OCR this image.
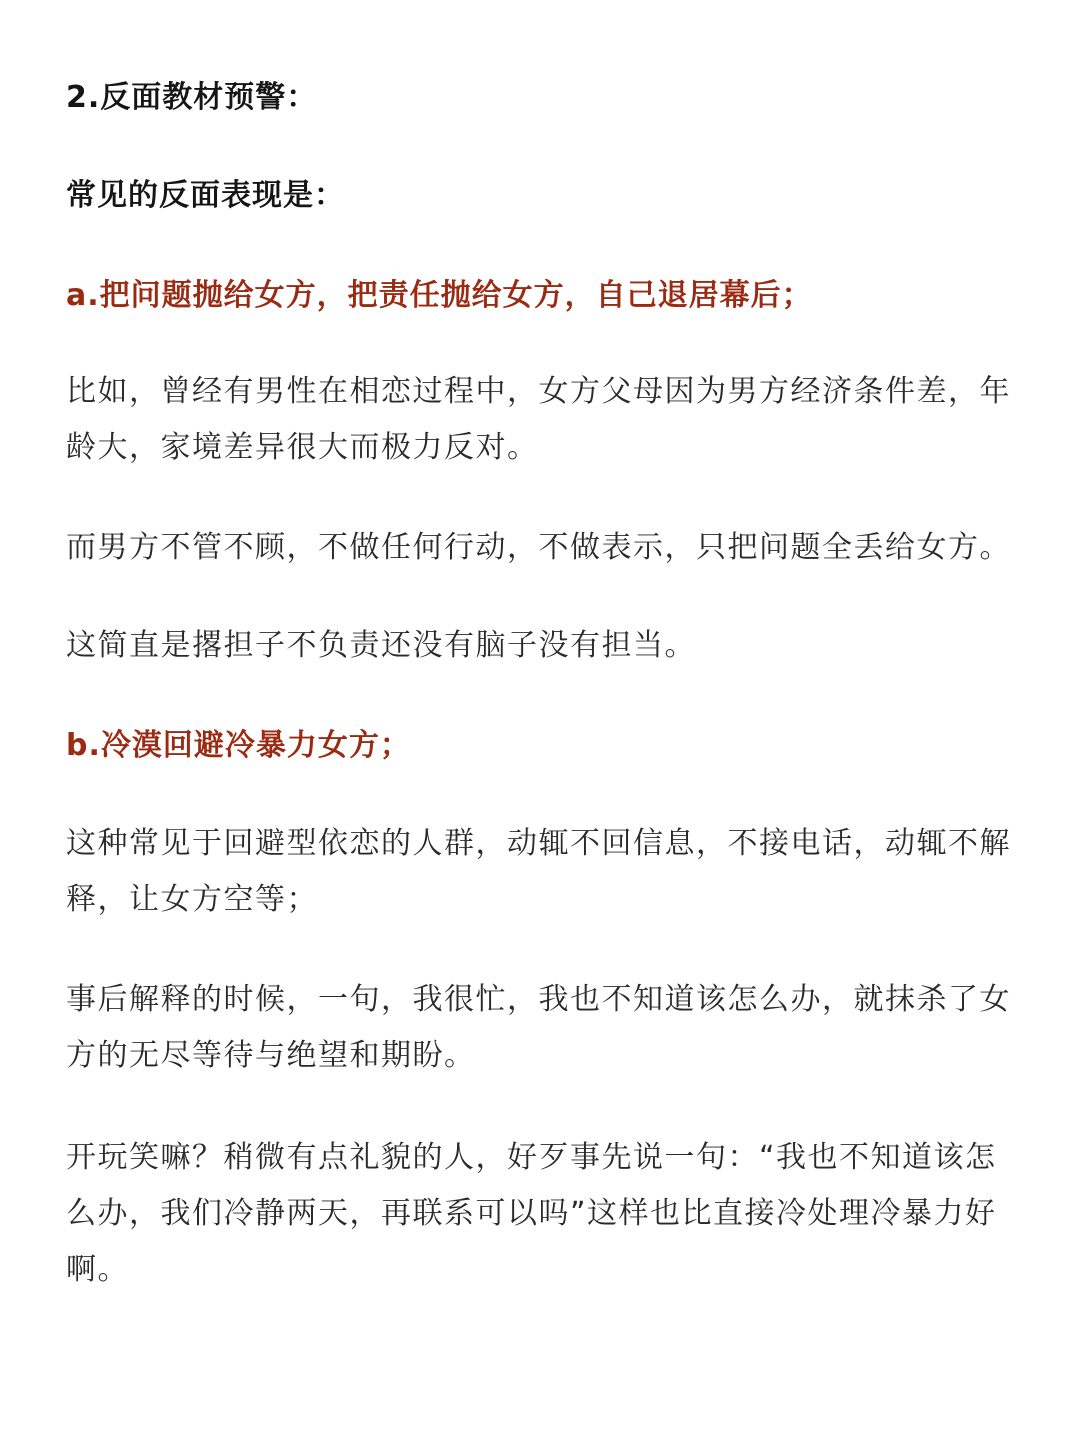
2.反面教材预警：
常见的反面表现是：
a.把问题抛给女方，把责任抛给女方，自己退居幕后；

比如，曾经有男性在相恋过程中，女方父母因为男方经济条件差，年龄大，家境差异很大而极力反对。

而男方不管不顾，不做任何行动，不做表示，只把问题全丢给女方。

这简直是撂担子不负责还没有脑子没有担当。

b.冷漠回避冷暴力女方；

这种常见于回避型依恋的人群，动辄不回信息，不接电话，动辄不解释，让女方空等；

事后解释的时候，一句，我很忙，我也不知道该怎么办，就抹杀了女方的无尽等待与绝望和期盼。

开玩笑嘛？稍微有点礼貌的人，好歹事先说一句：“我也不知道该怎么办，我们冷静两天，再联系可以吗”这样也比直接冷处理冷暴力好啊。
